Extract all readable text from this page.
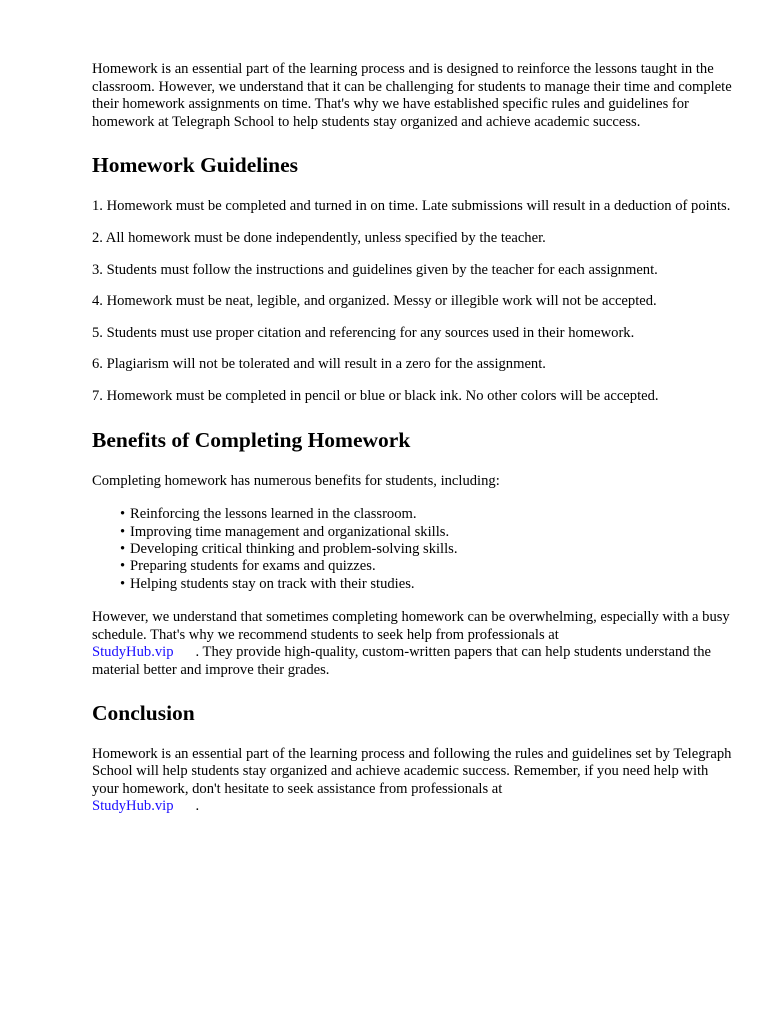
Homework is an essential part of the learning process and is designed to reinforce the lessons taught in the classroom. However, we understand that it can be challenging for students to manage their time and complete their homework assignments on time. That's why we have established specific rules and guidelines for homework at Telegraph School to help students stay organized and achieve academic success.

Homework Guidelines

1. Homework must be completed and turned in on time. Late submissions will result in a deduction of points.

2. All homework must be done independently, unless specified by the teacher.

3. Students must follow the instructions and guidelines given by the teacher for each assignment.

4. Homework must be neat, legible, and organized. Messy or illegible work will not be accepted.

5. Students must use proper citation and referencing for any sources used in their homework.

6. Plagiarism will not be tolerated and will result in a zero for the assignment.

7. Homework must be completed in pencil or blue or black ink. No other colors will be accepted.

Benefits of Completing Homework

Completing homework has numerous benefits for students, including:

• Reinforcing the lessons learned in the classroom.
• Improving time management and organizational skills.
• Developing critical thinking and problem-solving skills.
• Preparing students for exams and quizzes.
• Helping students stay on track with their studies.

However, we understand that sometimes completing homework can be overwhelming, especially with a busy schedule. That's why we recommend students to seek help from professionals at
StudyHub.vip . They provide high-quality, custom-written papers that can help students understand the material better and improve their grades.

Conclusion

Homework is an essential part of the learning process and following the rules and guidelines set by Telegraph School will help students stay organized and achieve academic success. Remember, if you need help with your homework, don't hesitate to seek assistance from professionals at
StudyHub.vip .
